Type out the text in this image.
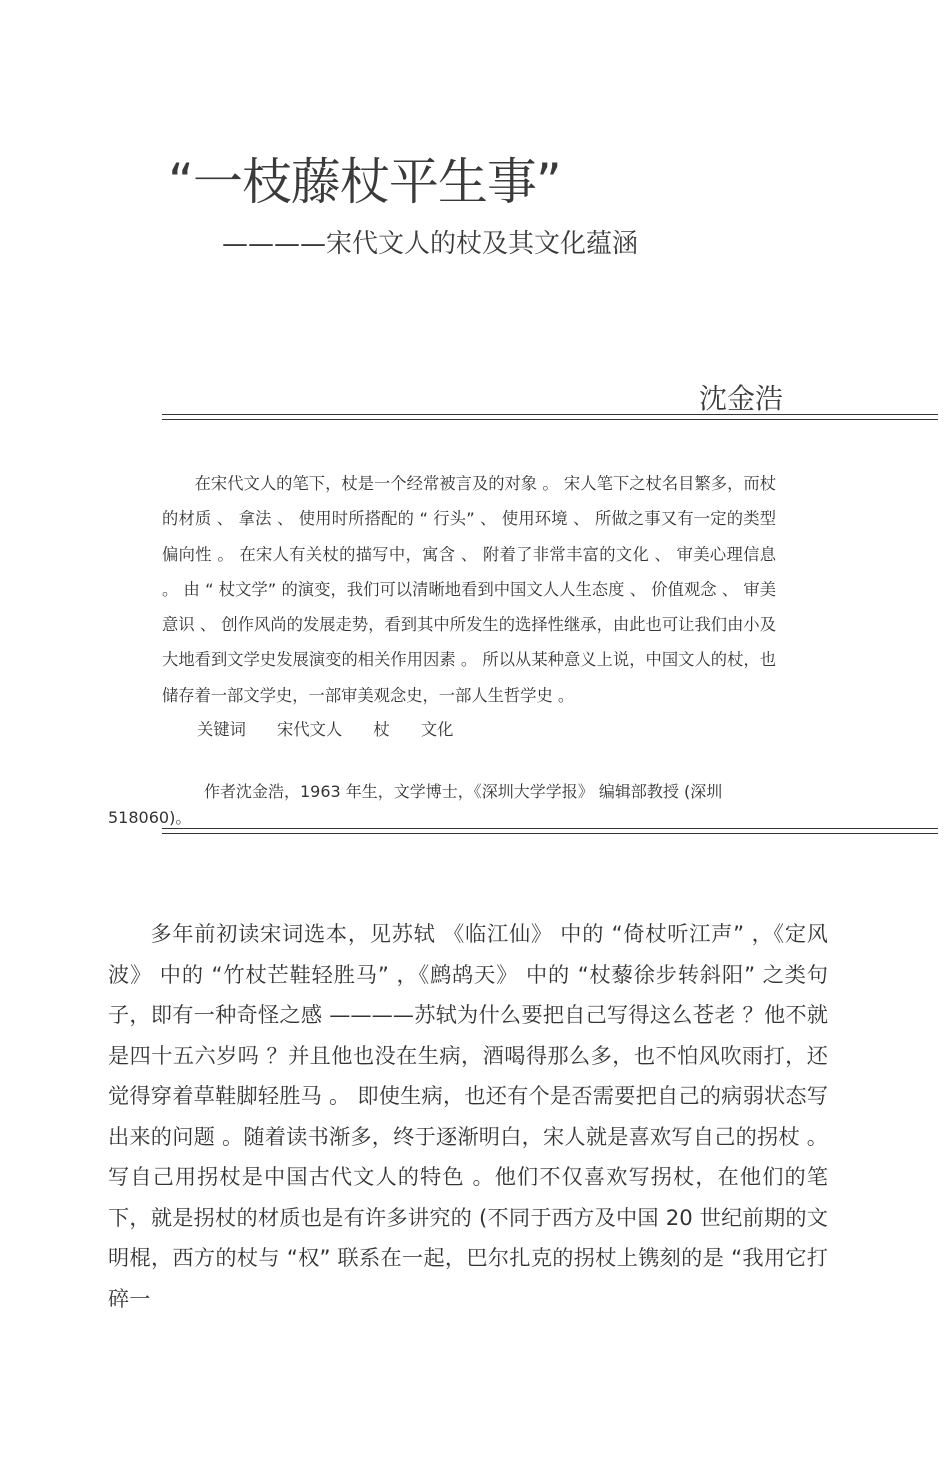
“一枝藤杖平生事”
————宋代文人的杖及其文化蕴涵
沈金浩
在宋代文人的笔下，杖是一个经常被言及的对象 。 宋人笔下之杖名目繁多，而杖的材质 、 拿法 、 使用时所搭配的 “ 行头” 、 使用环境 、 所做之事又有一定的类型偏向性 。 在宋人有关杖的描写中，寓含 、 附着了非常丰富的文化 、 审美心理信息 。 由 “ 杖文学” 的演变，我们可以清晰地看到中国文人人生态度 、 价值观念 、 审美意识 、 创作风尚的发展走势，看到其中所发生的选择性继承，由此也可让我们由小及大地看到文学史发展演变的相关作用因素 。 所以从某种意义上说，中国文人的杖，也储存着一部文学史，一部审美观念史，一部人生哲学史 。
关键词 宋代文人 杖 文化
作者沈金浩，1963 年生，文学博士，《深圳大学学报》 编辑部教授 (深圳 518060)。
多年前初读宋词选本，见苏轼 《临江仙》 中的 “倚杖听江声” ，《定风波》 中的 “竹杖芒鞋轻胜马” ，《鹧鸪天》 中的 “杖藜徐步转斜阳” 之类句子，即有一种奇怪之感 ————苏轼为什么要把自己写得这么苍老 ？他不就是四十五六岁吗 ？并且他也没在生病，酒喝得那么多，也不怕风吹雨打，还觉得穿着草鞋脚轻胜马 。 即使生病，也还有个是否需要把自己的病弱状态写出来的问题 。随着读书渐多，终于逐渐明白，宋人就是喜欢写自己的拐杖 。 写自己用拐杖是中国古代文人的特色 。他们不仅喜欢写拐杖，在他们的笔下，就是拐杖的材质也是有许多讲究的 (不同于西方及中国 20 世纪前期的文明棍，西方的杖与 “权” 联系在一起，巴尔扎克的拐杖上镌刻的是 “我用它打碎一
